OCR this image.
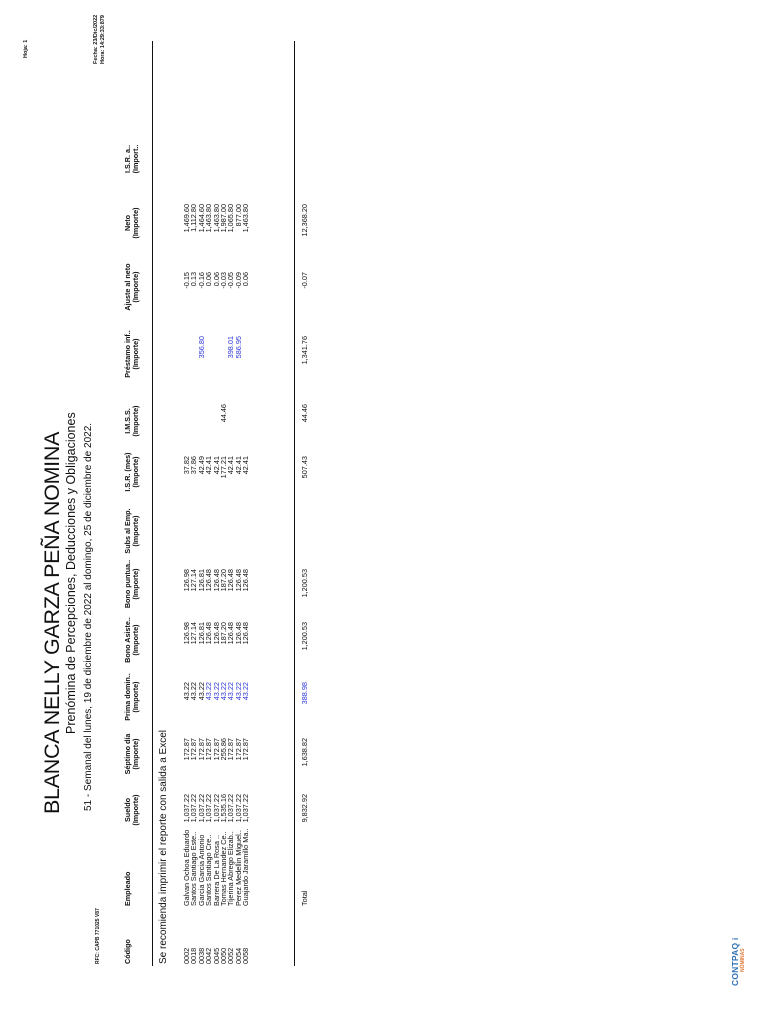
CONTPAQ i NÓMINAS
RFC: CAPB 771025 V87
Hoja: 1	Fecha: 23/Dic/2022 Hora: 14:29:33:879
BLANCA NELLY GARZA PEÑA NOMINA Prenómina de Percepciones, Deducciones y Obligaciones 51 - Semanal del lunes, 19 de diciembre de 2022 al domingo, 25 de diciembre de 2022.
Se recomienda imprimir el reporte con salida a Excel
Código
Empleado
Sueldo (Importe)
Séptimo día (Importe)
Prima domin.. (Importe)
Bono Asiste.. (Importe)
Bono puntua.. (Importe)
Subs al Emp. (Importe)
I.S.R. (mes) (Importe)
I.M.S.S. (Importe)
Préstamo inf.. (Importe)
Ajuste al neto (Importe)
Neto (Importe)
I.S.R. a.. (Import..
0002
Galvan Ochoa Eduardo
1,037.22
172.87
43.22
126.98
126.98
37.82
-0.15
1,469.60
0018
Santos Santiago Este..
1,037.22
172.87
43.22
127.14
127.14
37.86
0.13
1,112.80
0038
Garcia Garcia Antonio
1,037.22
172.87
43.22
126.81
126.81
42.49
356.80
-0.16
1,464.60
0042
Santos Santiago Cre..
1,037.22
172.87
43.22
126.48
126.48
42.41
0.06
1,463.80
0045
Barrera De La Rosa ..
1,037.22
172.87
43.22
126.48
126.48
42.41
0.06
1,463.80
0050
Tomas Hernandez Ce..
1,535.16
255.86
43.22
187.20
187.20
177.21
44.46
-0.03
1,987.00
0052
Tijerina Abrego Elizab..
1,037.22
172.87
43.22
126.48
126.48
42.41
398.01
-0.05
1,065.80
0054
Perez Medellin Miguel..
1,037.22
172.87
43.22
126.48
126.48
42.41
586.95
-0.09
877.00
0058
Guajardo Jaramillo Ma..
1,037.22
172.87
43.22
126.48
126.48
42.41
0.06
1,463.80
Total
9,832.92
1,638.82
388.98
1,200.53
1,200.53
507.43
44.46
1,341.76
-0.07
12,368.20
